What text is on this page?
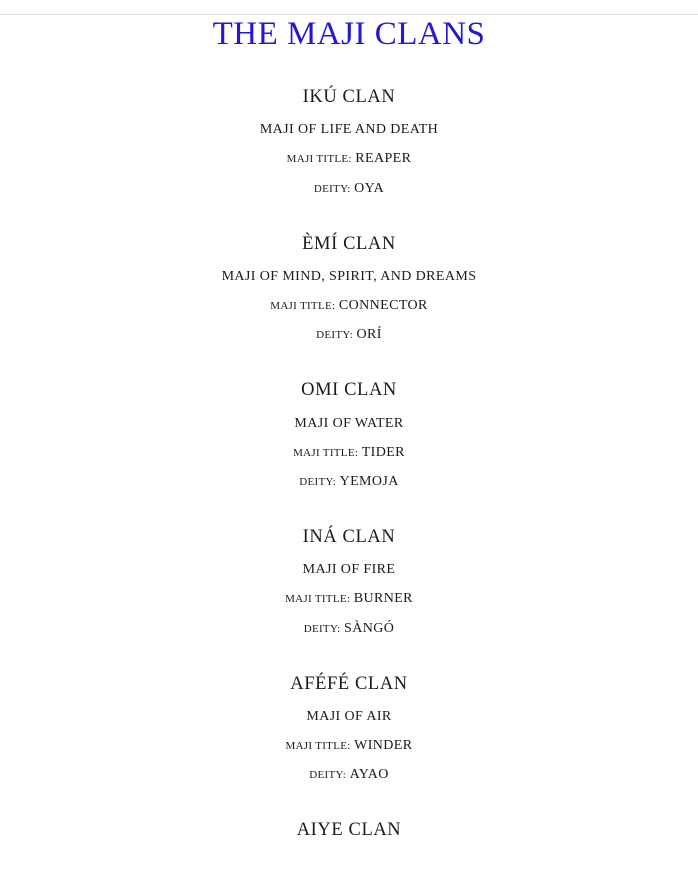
THE MAJI CLANS
IKÚ CLAN
MAJI OF LIFE AND DEATH
MAJI TITLE: REAPER
DEITY: OYA
ÈMÍ CLAN
MAJI OF MIND, SPIRIT, AND DREAMS
MAJI TITLE: CONNECTOR
DEITY: ORÍ
OMI CLAN
MAJI OF WATER
MAJI TITLE: TIDER
DEITY: YEMOJA
INÁ CLAN
MAJI OF FIRE
MAJI TITLE: BURNER
DEITY: SÀNGÓ
AFÉFÉ CLAN
MAJI OF AIR
MAJI TITLE: WINDER
DEITY: AYAO
AIYE CLAN
